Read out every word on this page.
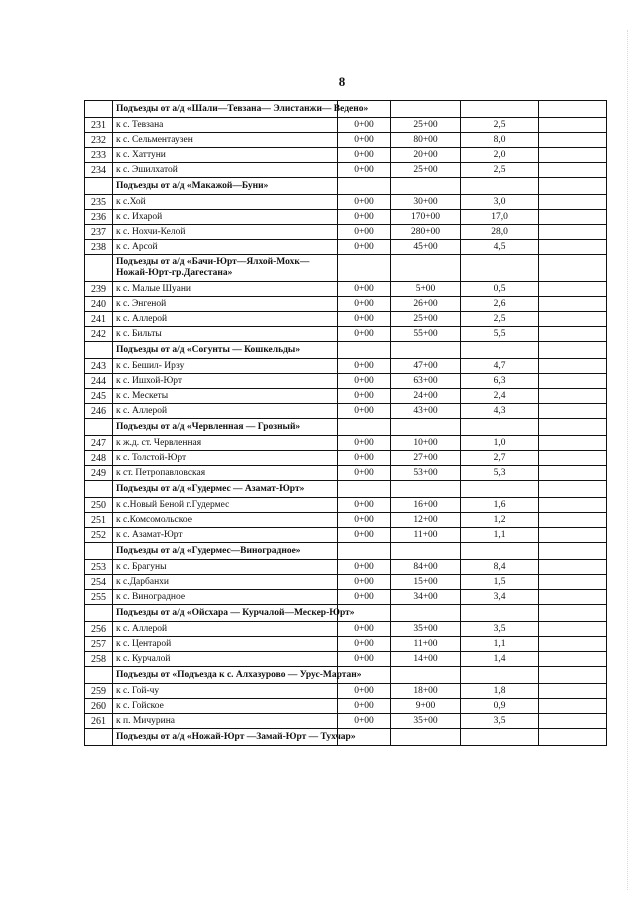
8
	Подъезды от а/д «Шали—Тевзана— Элистанжи— Ведено»				
231	к с. Тевзана	0+00	25+00	2,5	
232	к с. Сельментаузен	0+00	80+00	8,0	
233	к с. Хаттуни	0+00	20+00	2,0	
234	к с. Эшилхатой	0+00	25+00	2,5	
	Подъезды от а/д «Макажой—Буни»				
235	к с.Хой	0+00	30+00	3,0	
236	к с. Ихарой	0+00	170+00	17,0	
237	к с. Нохчи-Келой	0+00	280+00	28,0	
238	к с. Арсой	0+00	45+00	4,5	
	Подъезды от а/д «Бачи-Юрт—Ялхой-Мохк—Ножай-Юрт-гр.Дагестана»				
239	к с. Малые Шуани	0+00	5+00	0,5	
240	к с. Энгеной	0+00	26+00	2,6	
241	к с. Аллерой	0+00	25+00	2,5	
242	к с. Бильты	0+00	55+00	5,5	
	Подъезды от а/д «Согунты — Кошкельды»				
243	к с. Бешил- Ирзу	0+00	47+00	4,7	
244	к с. Ишхой-Юрт	0+00	63+00	6,3	
245	к с. Мескеты	0+00	24+00	2,4	
246	к с. Аллерой	0+00	43+00	4,3	
	Подъезды от а/д «Червленная — Грозный»				
247	к ж.д. ст. Червленная	0+00	10+00	1,0	
248	к с. Толстой-Юрт	0+00	27+00	2,7	
249	к ст. Петропавловская	0+00	53+00	5,3	
	Подъезды от а/д «Гудермес — Азамат-Юрт»				
250	к с.Новый Беной г.Гудермес	0+00	16+00	1,6	
251	к с.Комсомольское	0+00	12+00	1,2	
252	к с. Азамат-Юрт	0+00	11+00	1,1	
	Подъезды от а/д «Гудермес—Виноградное»				
253	к с. Брагуны	0+00	84+00	8,4	
254	к с.Дарбанхи	0+00	15+00	1,5	
255	к с. Виноградное	0+00	34+00	3,4	
	Подъезды от а/д «Ойсхара — Курчалой—Мескер-Юрт»				
256	к с. Аллерой	0+00	35+00	3,5	
257	к с. Центарой	0+00	11+00	1,1	
258	к с. Курчалой	0+00	14+00	1,4	
	Подъезды от «Подъезда к с. Алхазурово — Урус-Мартан»				
259	к с. Гой-чу	0+00	18+00	1,8	
260	к с. Гойское	0+00	9+00	0,9	
261	к п. Мичурина	0+00	35+00	3,5	
	Подъезды от а/д «Ножай-Юрт —Замай-Юрт — Тухчар»				
